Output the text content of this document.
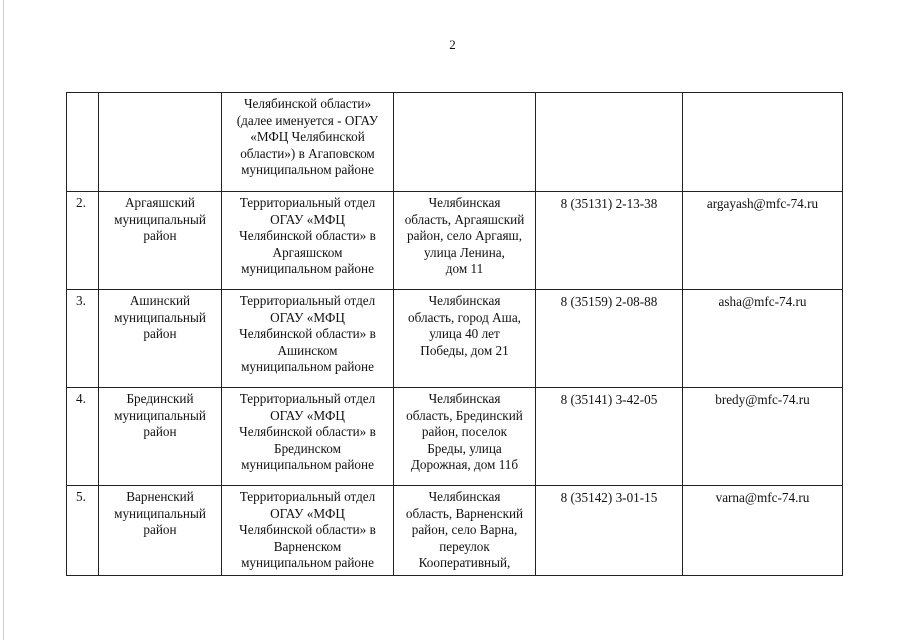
2

		Челябинской области»
(далее именуется - ОГАУ
«МФЦ Челябинской
области») в Агаповском
муниципальном районе			

2.	Аргаяшский
муниципальный
район	Территориальный отдел
ОГАУ «МФЦ
Челябинской области» в
Аргаяшском
муниципальном районе	Челябинская
область, Аргаяшский
район, село Аргаяш,
улица Ленина,
дом 11	8 (35131) 2-13-38	argayash@mfc-74.ru

3.	Ашинский
муниципальный
район	Территориальный отдел
ОГАУ «МФЦ
Челябинской области» в
Ашинском
муниципальном районе	Челябинская
область, город Аша,
улица 40 лет
Победы, дом 21	8 (35159) 2-08-88	asha@mfc-74.ru

4.	Брединский
муниципальный
район	Территориальный отдел
ОГАУ «МФЦ
Челябинской области» в
Брединском
муниципальном районе	Челябинская
область, Брединский
район, поселок
Бреды, улица
Дорожная, дом 11б	8 (35141) 3-42-05	bredy@mfc-74.ru

5.	Варненский
муниципальный
район	Территориальный отдел
ОГАУ «МФЦ
Челябинской области» в
Варненском
муниципальном районе	Челябинская
область, Варненский
район, село Варна,
переулок
Кооперативный,	8 (35142) 3-01-15	varna@mfc-74.ru
